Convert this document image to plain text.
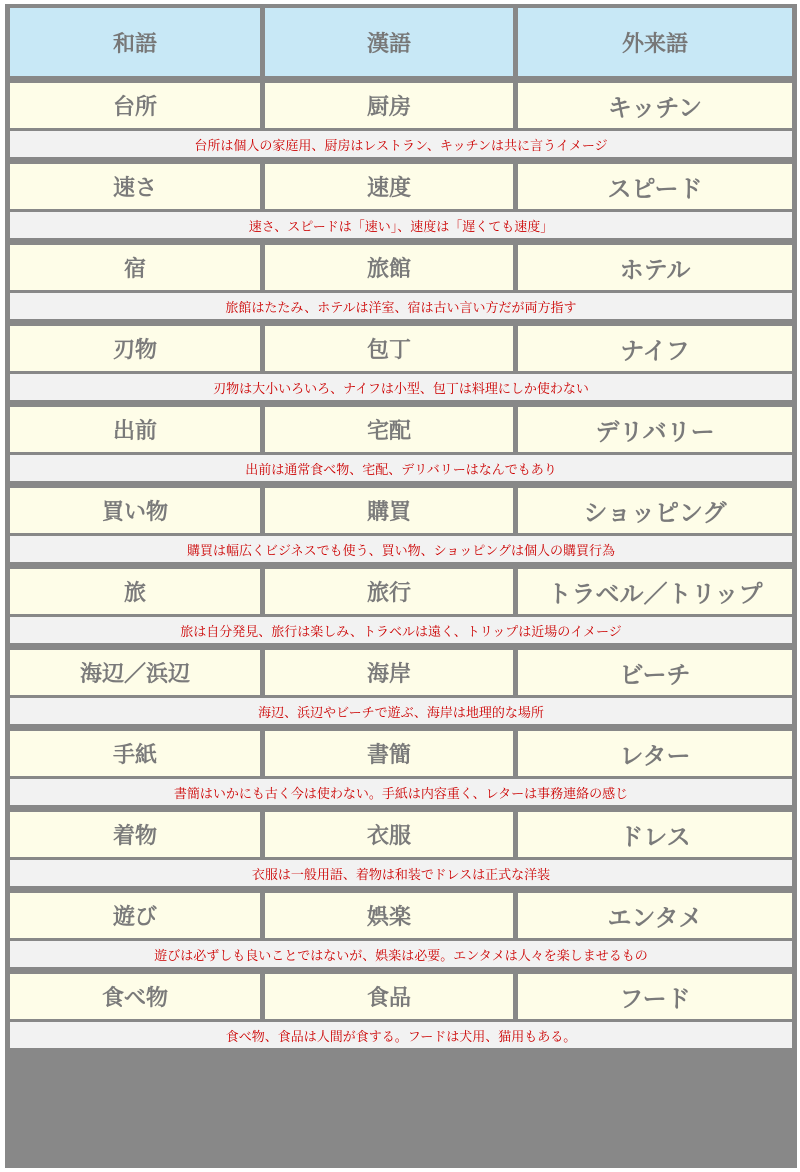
和語	漢語	外来語
台所	厨房	キッチン
台所は個人の家庭用、厨房はレストラン、キッチンは共に言うイメージ
速さ	速度	スピード
速さ、スピードは「速い」、速度は「遅くても速度」
宿	旅館	ホテル
旅館はたたみ、ホテルは洋室、宿は古い言い方だが両方指す
刃物	包丁	ナイフ
刃物は大小いろいろ、ナイフは小型、包丁は料理にしか使わない
出前	宅配	デリバリー
出前は通常食べ物、宅配、デリバリーはなんでもあり
買い物	購買	ショッピング
購買は幅広くビジネスでも使う、買い物、ショッピングは個人の購買行為
旅	旅行	トラベル／トリップ
旅は自分発見、旅行は楽しみ、トラベルは遠く、トリップは近場のイメージ
海辺／浜辺	海岸	ビーチ
海辺、浜辺やビーチで遊ぶ、海岸は地理的な場所
手紙	書簡	レター
書簡はいかにも古く今は使わない。手紙は内容重く、レターは事務連絡の感じ
着物	衣服	ドレス
衣服は一般用語、着物は和装でドレスは正式な洋装
遊び	娯楽	エンタメ
遊びは必ずしも良いことではないが、娯楽は必要。エンタメは人々を楽しませるもの
食べ物	食品	フード
食べ物、食品は人間が食する。フードは犬用、猫用もある。
